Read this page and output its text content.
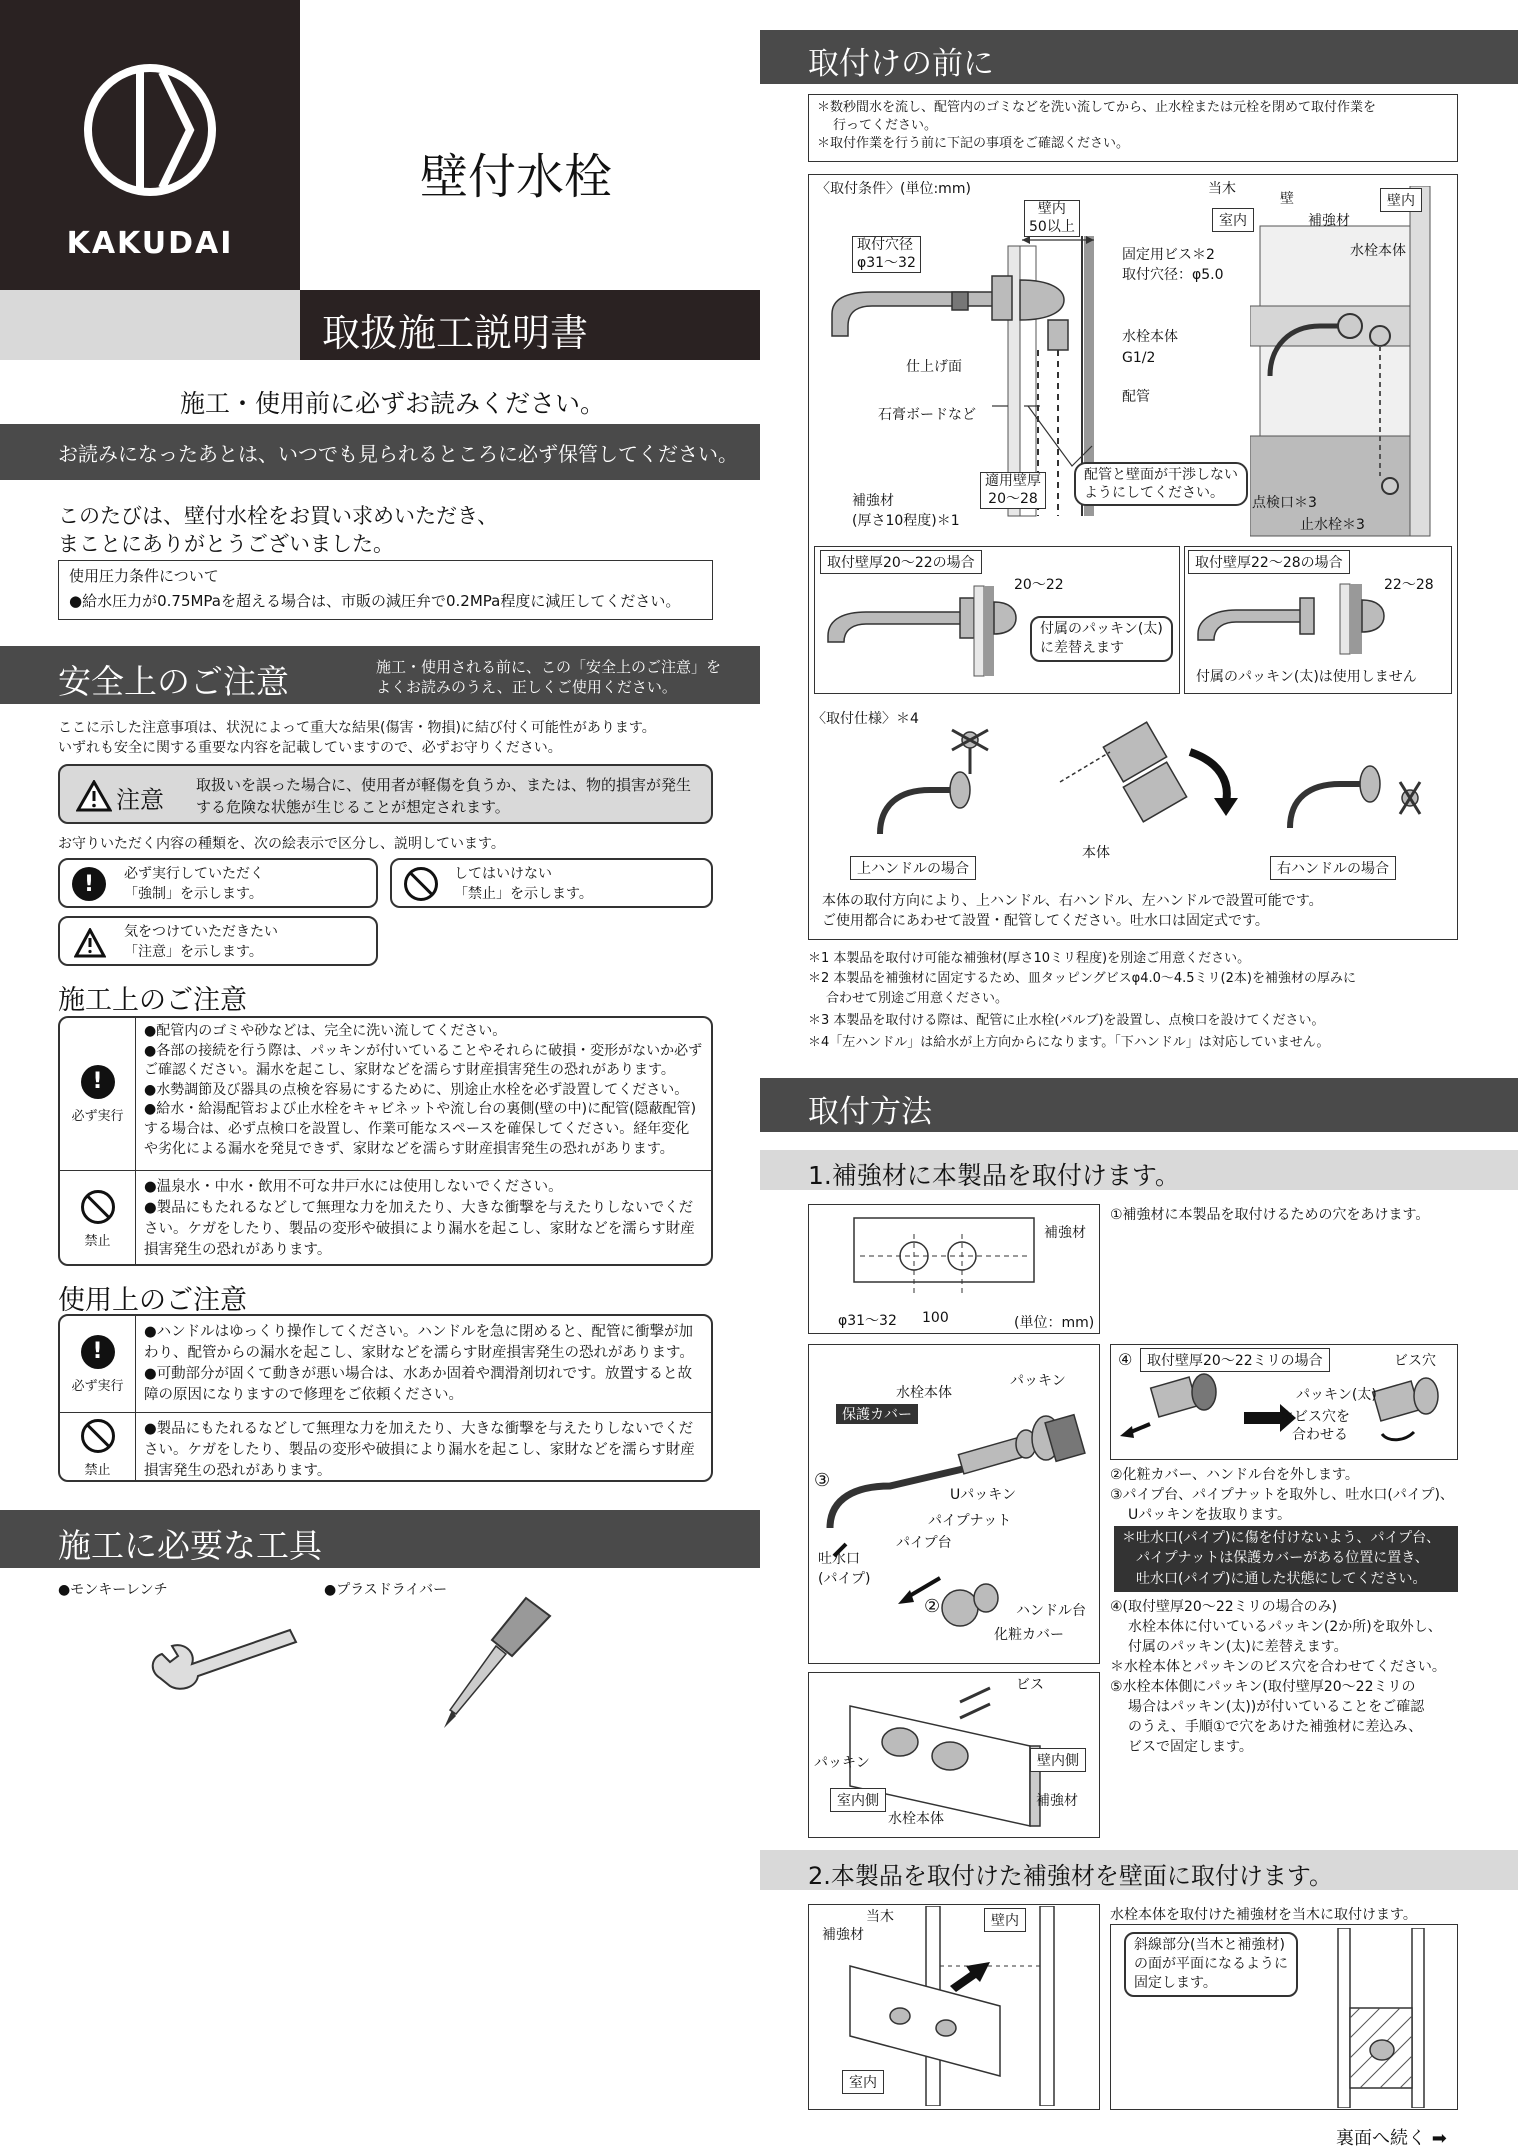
KAKUDAI
壁付水栓
取扱施工説明書
施工・使用前に必ずお読みください。
お読みになったあとは、いつでも見られるところに必ず保管してください。
このたびは、壁付水栓をお買い求めいただき、
まことにありがとうございました。
使用圧力条件について
●給水圧力が0.75MPaを超える場合は、市販の減圧弁で0.2MPa程度に減圧してください。
安全上のご注意	施工・使用される前に、この「安全上のご注意」を
よくお読みのうえ、正しくご使用ください。
ここに示した注意事項は、状況によって重大な結果(傷害・物損)に結び付く可能性があります。
いずれも安全に関する重要な内容を記載していますので、必ずお守りください。
注意
取扱いを誤った場合に、使用者が軽傷を負うか、または、物的損害が発生
する危険な状態が生じることが想定されます。
お守りいただく内容の種類を、次の絵表示で区分し、説明しています。
!	必ず実行していただく
「強制」を示します。
してはいけない
「禁止」を示します。
気をつけていただきたい
「注意」を示します。
施工上のご注意
!
必ず実行
●配管内のゴミや砂などは、完全に洗い流してください。
●各部の接続を行う際は、パッキンが付いていることやそれらに破損・変形がないか必ずご確認ください。漏水を起こし、家財などを濡らす財産損害発生の恐れがあります。
●水勢調節及び器具の点検を容易にするために、別途止水栓を必ず設置してください。
●給水・給湯配管および止水栓をキャビネットや流し台の裏側(壁の中)に配管(隠蔽配管)する場合は、必ず点検口を設置し、作業可能なスペースを確保してください。経年変化や劣化による漏水を発見できず、家財などを濡らす財産損害発生の恐れがあります。
禁止
●温泉水・中水・飲用不可な井戸水には使用しないでください。
●製品にもたれるなどして無理な力を加えたり、大きな衝撃を与えたりしないでください。ケガをしたり、製品の変形や破損により漏水を起こし、家財などを濡らす財産損害発生の恐れがあります。
使用上のご注意
!
必ず実行
●ハンドルはゆっくり操作してください。ハンドルを急に閉めると、配管に衝撃が加わり、配管からの漏水を起こし、家財などを濡らす財産損害発生の恐れがあります。
●可動部分が固くて動きが悪い場合は、水あか固着や潤滑剤切れです。放置すると故障の原因になりますので修理をご依頼ください。
禁止
●製品にもたれるなどして無理な力を加えたり、大きな衝撃を与えたりしないでください。ケガをしたり、製品の変形や破損により漏水を起こし、家財などを濡らす財産損害発生の恐れがあります。
施工に必要な工具
●モンキーレンチ	●プラスドライバー
取付けの前に
＊数秒間水を流し、配管内のゴミなどを洗い流してから、止水栓または元栓を閉めて取付作業を
行ってください。
＊取付作業を行う前に下記の事項をご確認ください。
〈取付条件〉(単位:mm)
取付穴径
φ31～32
壁内
50以上
固定用ビス＊2
取付穴径：φ5.0
水栓本体
G1/2
仕上げ面
配管
石膏ボードなど
補強材
(厚さ10程度)＊1
適用壁厚
20～28
配管と壁面が干渉しない
ようにしてください。
当木
壁	壁内
室内	補強材
水栓本体
点検口＊3
止水栓＊3
取付壁厚20～22の場合
20～22
付属のパッキン(太)
に差替えます
取付壁厚22～28の場合
22～28
付属のパッキン(太)は使用しません
〈取付仕様〉＊4
本体
上ハンドルの場合	右ハンドルの場合
本体の取付方向により、上ハンドル、右ハンドル、左ハンドルで設置可能です。
ご使用都合にあわせて設置・配管してください。吐水口は固定式です。
＊1 本製品を取付け可能な補強材(厚さ10ミリ程度)を別途ご用意ください。
＊2 本製品を補強材に固定するため、皿タッピングビスφ4.0～4.5ミリ(2本)を補強材の厚みに
合わせて別途ご用意ください。
＊3 本製品を取付ける際は、配管に止水栓(バルブ)を設置し、点検口を設けてください。
＊4「左ハンドル」は給水が上方向からになります。「下ハンドル」は対応していません。
取付方法
1.補強材に本製品を取付けます。
補強材
φ31～32 100	(単位：mm)
①補強材に本製品を取付けるための穴をあけます。
水栓本体
パッキン
保護カバー
③
Uパッキン
パイプナット
パイプ台
吐水口
(パイプ)
②	ハンドル台
化粧カバー
④	取付壁厚20～22ミリの場合	ビス穴
パッキン(太)
＊ビス穴を
合わせる
②化粧カバー、ハンドル台を外します。
③パイプ台、パイプナットを取外し、吐水口(パイプ)、
Uパッキンを抜取ります。
＊吐水口(パイプ)に傷を付けないよう、パイプ台、
パイプナットは保護カバーがある位置に置き、
吐水口(パイプ)に通した状態にしてください。
④(取付壁厚20～22ミリの場合のみ)
水栓本体に付いているパッキン(2か所)を取外し、
付属のパッキン(太)に差替えます。
＊水栓本体とパッキンのビス穴を合わせてください。
⑤水栓本体側にパッキン(取付壁厚20～22ミリの
場合はパッキン(太))が付いていることをご確認
のうえ、手順①で穴をあけた補強材に差込み、
ビスで固定します。
ビス
パッキン	壁内側
室内側	補強材
水栓本体
2.本製品を取付けた補強材を壁面に取付けます。
当木
補強材
壁内
室内
水栓本体を取付けた補強材を当木に取付けます。
斜線部分(当木と補強材)
の面が平面になるように
固定します。
裏面へ続く ➡
